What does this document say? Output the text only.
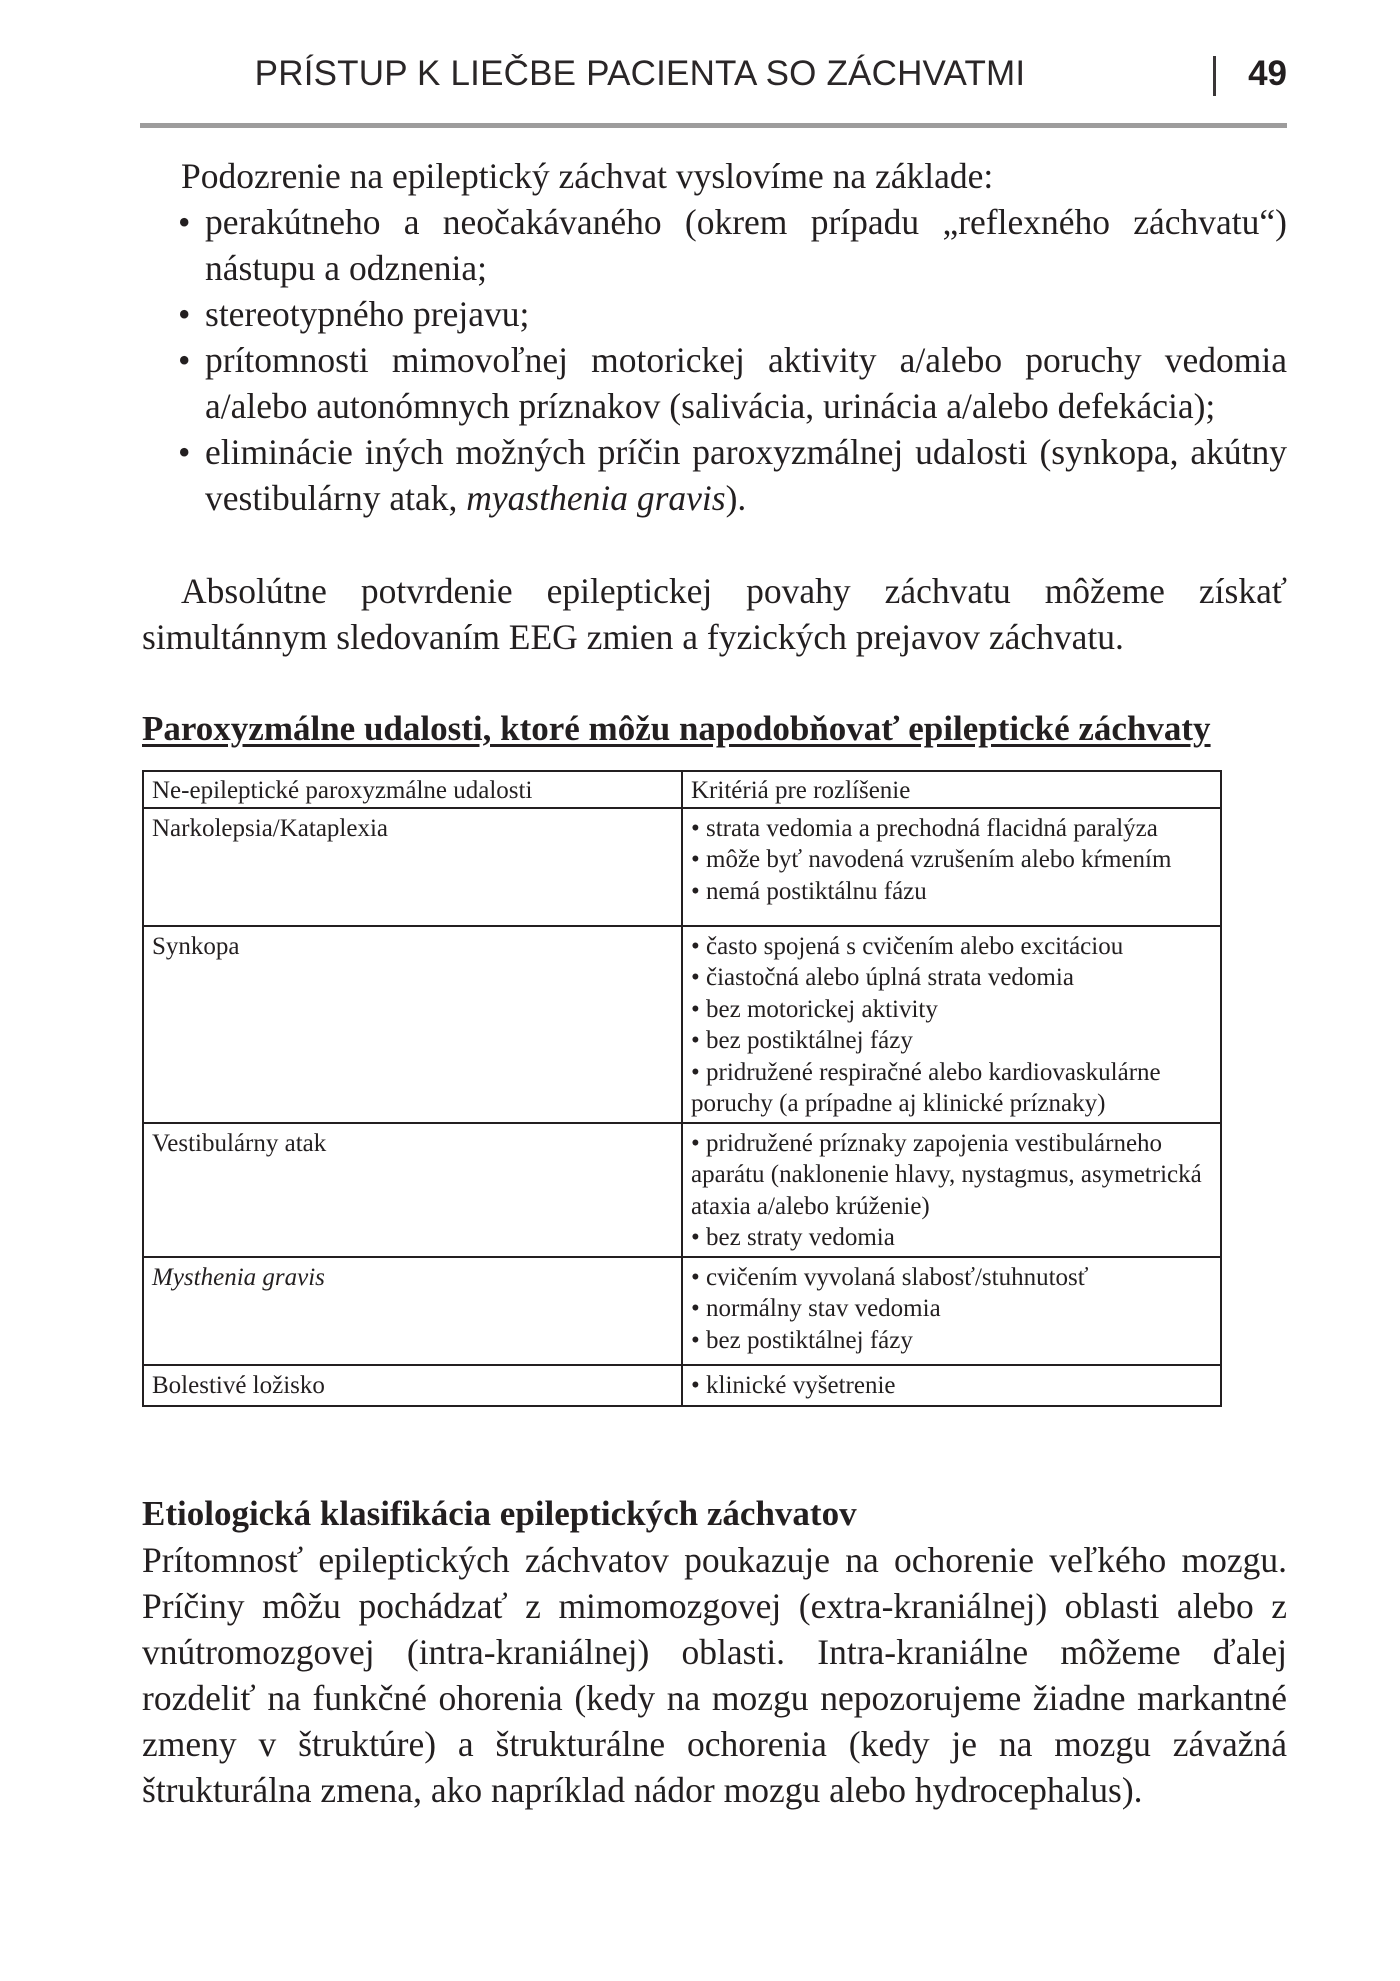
PRÍSTUP K LIEČBE PACIENTA SO ZÁCHVATMI	49
Podozrenie na epileptický záchvat vyslovíme na základe:
• perakútneho a neočakávaného (okrem prípadu „reflexného záchvatu“) nástupu a odznenia;
• stereotypného prejavu;
• prítomnosti mimovoľnej motorickej aktivity a/alebo poruchy vedomia a/alebo autonómnych príznakov (salivácia, urinácia a/alebo defekácia);
• eliminácie iných možných príčin paroxyzmálnej udalosti (synkopa, akútny vestibulárny atak, myasthenia gravis).
Absolútne potvrdenie epileptickej povahy záchvatu môžeme získať simultánnym sledovaním EEG zmien a fyzických prejavov záchvatu.
Paroxyzmálne udalosti, ktoré môžu napodobňovať epileptické záchvaty
Ne-epileptické paroxyzmálne udalosti	Kritériá pre rozlíšenie
Narkolepsia/Kataplexia	• strata vedomia a prechodná flacidná paralýza
• môže byť navodená vzrušením alebo kŕmením
• nemá postiktálnu fázu

Synkopa	• často spojená s cvičením alebo excitáciou
• čiastočná alebo úplná strata vedomia
• bez motorickej aktivity
• bez postiktálnej fázy
• pridružené respiračné alebo kardiovaskulárne poruchy (a prípadne aj klinické príznaky)

Vestibulárny atak	• pridružené príznaky zapojenia vestibulárneho aparátu (naklonenie hlavy, nystagmus, asymetrická ataxia a/alebo krúženie)
• bez straty vedomia

Mysthenia gravis	• cvičením vyvolaná slabosť/stuhnutosť
• normálny stav vedomia
• bez postiktálnej fázy

Bolestivé ložisko	• klinické vyšetrenie
Etiologická klasifikácia epileptických záchvatov
Prítomnosť epileptických záchvatov poukazuje na ochorenie veľkého mozgu. Príčiny môžu pochádzať z mimomozgovej (extra-kraniálnej) oblasti alebo z vnútromozgovej (intra-kraniálnej) oblasti. Intra-kraniálne môžeme ďalej rozdeliť na funkčné ohorenia (kedy na mozgu nepozorujeme žiadne markantné zmeny v štruktúre) a štrukturálne ochorenia (kedy je na mozgu závažná štrukturálna zmena, ako napríklad nádor mozgu alebo hydrocephalus).
